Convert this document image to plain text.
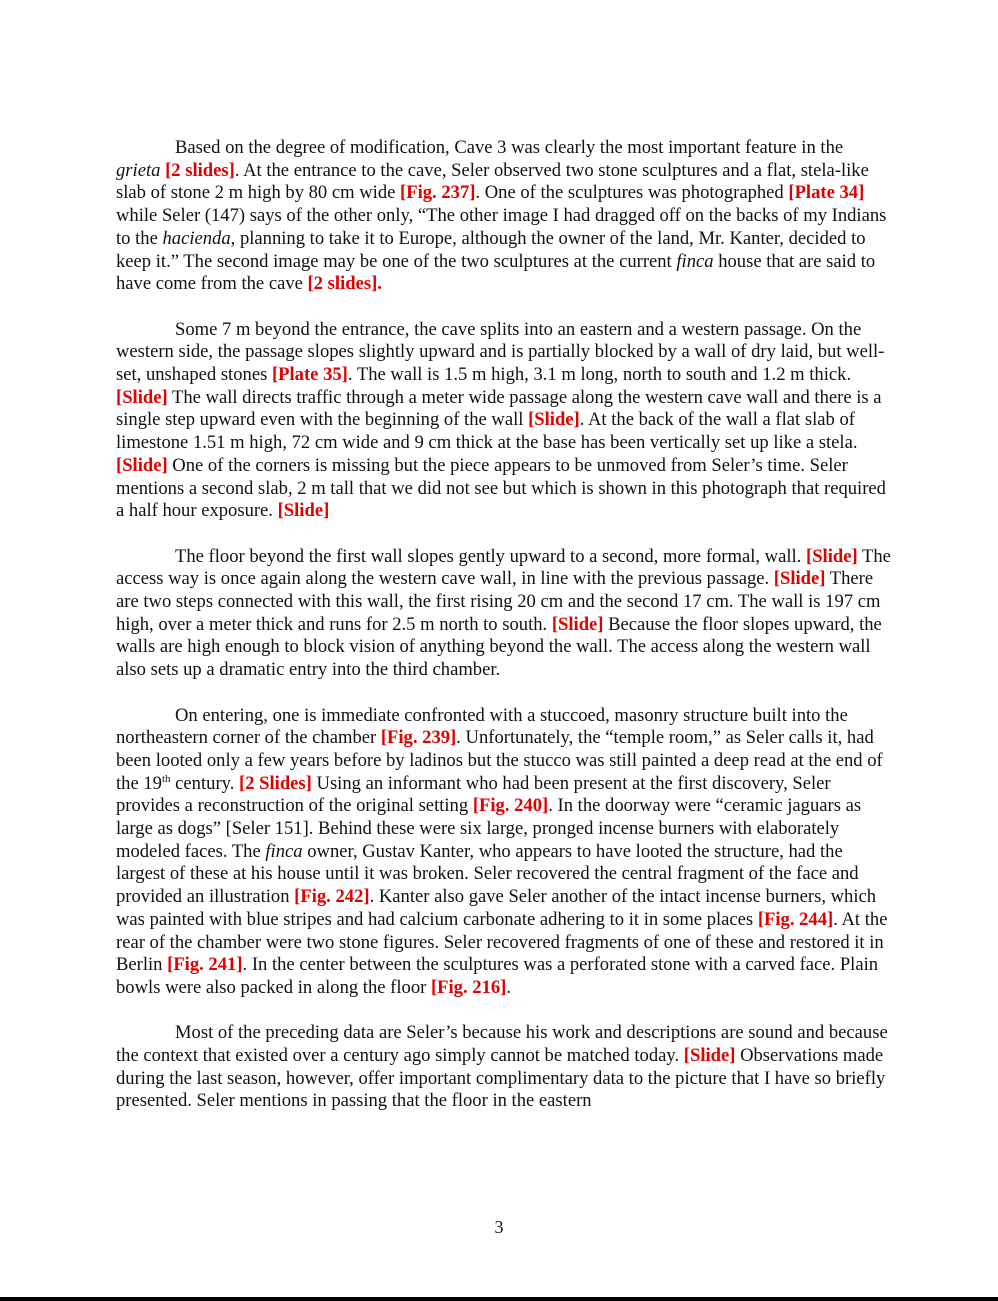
Based on the degree of modification, Cave 3 was clearly the most important feature in the grieta [2 slides]. At the entrance to the cave, Seler observed two stone sculptures and a flat, stela-like slab of stone 2 m high by 80 cm wide [Fig. 237]. One of the sculptures was photographed [Plate 34] while Seler (147) says of the other only, “The other image I had dragged off on the backs of my Indians to the hacienda, planning to take it to Europe, although the owner of the land, Mr. Kanter, decided to keep it.” The second image may be one of the two sculptures at the current finca house that are said to have come from the cave [2 slides].

Some 7 m beyond the entrance, the cave splits into an eastern and a western passage. On the western side, the passage slopes slightly upward and is partially blocked by a wall of dry laid, but well-set, unshaped stones [Plate 35]. The wall is 1.5 m high, 3.1 m long, north to south and 1.2 m thick. [Slide] The wall directs traffic through a meter wide passage along the western cave wall and there is a single step upward even with the beginning of the wall [Slide]. At the back of the wall a flat slab of limestone 1.51 m high, 72 cm wide and 9 cm thick at the base has been vertically set up like a stela. [Slide] One of the corners is missing but the piece appears to be unmoved from Seler’s time. Seler mentions a second slab, 2 m tall that we did not see but which is shown in this photograph that required a half hour exposure. [Slide]

The floor beyond the first wall slopes gently upward to a second, more formal, wall. [Slide] The access way is once again along the western cave wall, in line with the previous passage. [Slide] There are two steps connected with this wall, the first rising 20 cm and the second 17 cm. The wall is 197 cm high, over a meter thick and runs for 2.5 m north to south. [Slide] Because the floor slopes upward, the walls are high enough to block vision of anything beyond the wall. The access along the western wall also sets up a dramatic entry into the third chamber.

On entering, one is immediate confronted with a stuccoed, masonry structure built into the northeastern corner of the chamber [Fig. 239]. Unfortunately, the “temple room,” as Seler calls it, had been looted only a few years before by ladinos but the stucco was still painted a deep read at the end of the 19th century. [2 Slides] Using an informant who had been present at the first discovery, Seler provides a reconstruction of the original setting [Fig. 240]. In the doorway were “ceramic jaguars as large as dogs” [Seler 151]. Behind these were six large, pronged incense burners with elaborately modeled faces. The finca owner, Gustav Kanter, who appears to have looted the structure, had the largest of these at his house until it was broken. Seler recovered the central fragment of the face and provided an illustration [Fig. 242]. Kanter also gave Seler another of the intact incense burners, which was painted with blue stripes and had calcium carbonate adhering to it in some places [Fig. 244]. At the rear of the chamber were two stone figures. Seler recovered fragments of one of these and restored it in Berlin [Fig. 241]. In the center between the sculptures was a perforated stone with a carved face. Plain bowls were also packed in along the floor [Fig. 216].

Most of the preceding data are Seler’s because his work and descriptions are sound and because the context that existed over a century ago simply cannot be matched today. [Slide] Observations made during the last season, however, offer important complimentary data to the picture that I have so briefly presented. Seler mentions in passing that the floor in the eastern

3
